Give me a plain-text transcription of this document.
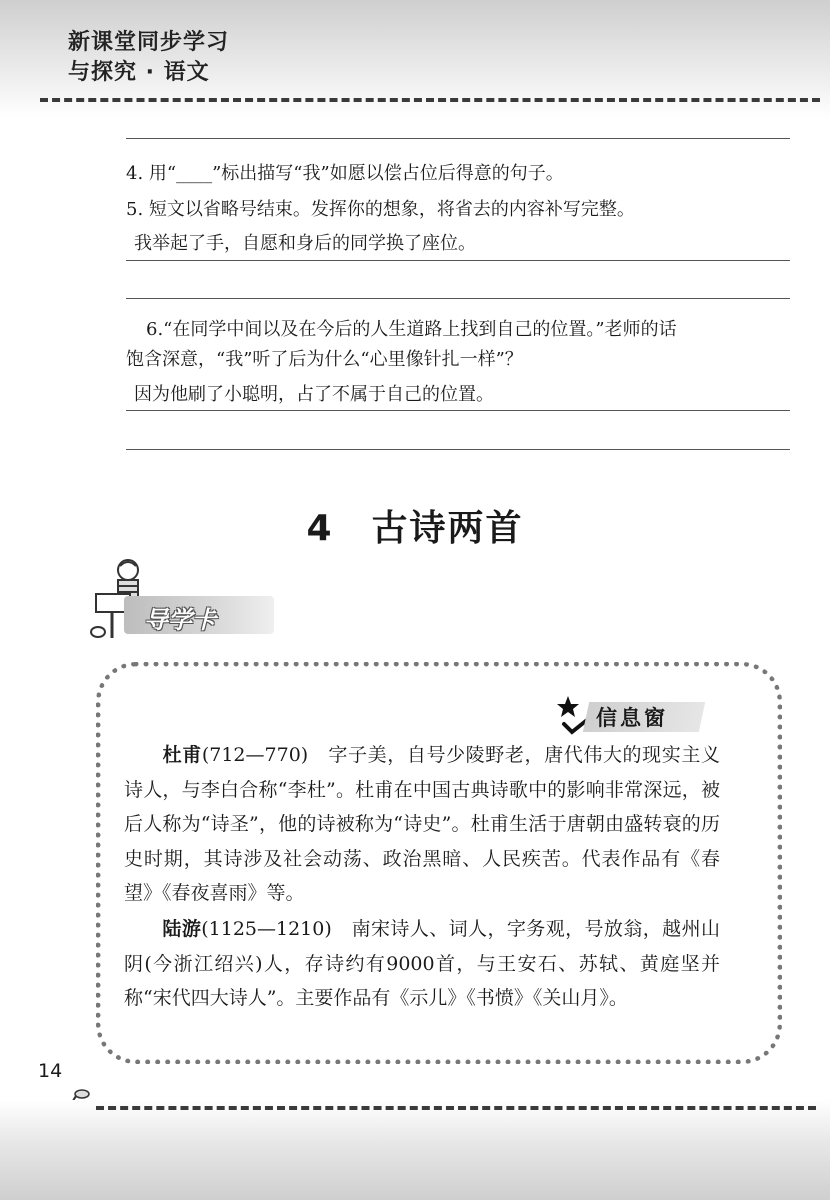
新课堂同步学习
与探究 · 语文
4. 用“____”标出描写“我”如愿以偿占位后得意的句子。
5. 短文以省略号结束。发挥你的想象，将省去的内容补写完整。
我举起了手，自愿和身后的同学换了座位。
6.“在同学中间以及在今后的人生道路上找到自己的位置。”老师的话
饱含深意，“我”听了后为什么“心里像针扎一样”？
因为他刷了小聪明，占了不属于自己的位置。
4 古诗两首
导学卡
信息窗
杜甫(712—770)　字子美，自号少陵野老，唐代伟大的现实主义诗人，与李白合称“李杜”。杜甫在中国古典诗歌中的影响非常深远，被后人称为“诗圣”，他的诗被称为“诗史”。杜甫生活于唐朝由盛转衰的历史时期，其诗涉及社会动荡、政治黑暗、人民疾苦。代表作品有《春望》《春夜喜雨》等。
陆游(1125—1210)　南宋诗人、词人，字务观，号放翁，越州山阴(今浙江绍兴)人，存诗约有9000首，与王安石、苏轼、黄庭坚并称“宋代四大诗人”。主要作品有《示儿》《书愤》《关山月》。
14
